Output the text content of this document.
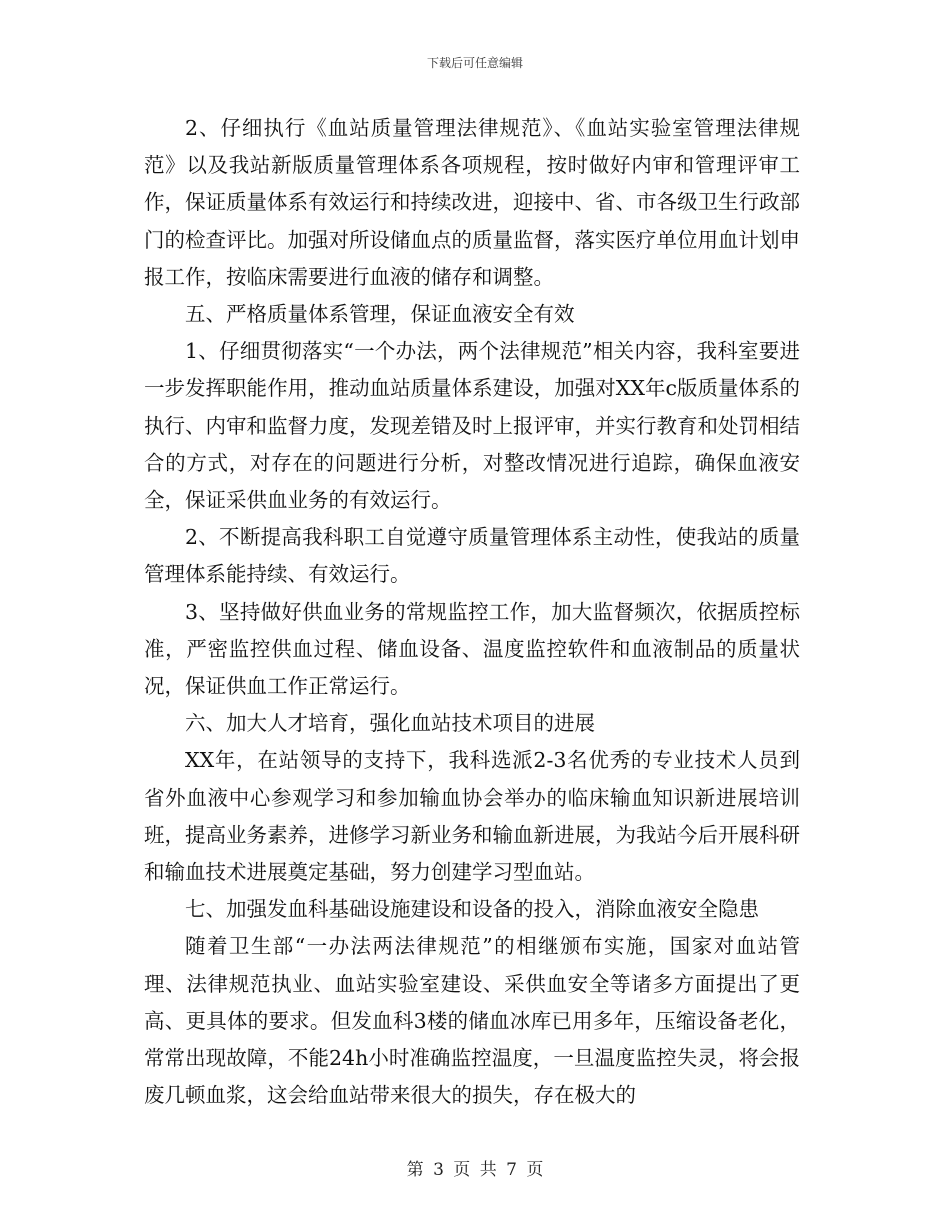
下载后可任意编辑

2、仔细执行《血站质量管理法律规范》、《血站实验室管理法律规范》以及我站新版质量管理体系各项规程，按时做好内审和管理评审工作，保证质量体系有效运行和持续改进，迎接中、省、市各级卫生行政部门的检查评比。加强对所设储血点的质量监督，落实医疗单位用血计划申报工作，按临床需要进行血液的储存和调整。

五、严格质量体系管理，保证血液安全有效

1、仔细贯彻落实“一个办法，两个法律规范”相关内容，我科室要进一步发挥职能作用，推动血站质量体系建设，加强对XX年c版质量体系的执行、内审和监督力度，发现差错及时上报评审，并实行教育和处罚相结合的方式，对存在的问题进行分析，对整改情况进行追踪，确保血液安全，保证采供血业务的有效运行。

2、不断提高我科职工自觉遵守质量管理体系主动性，使我站的质量管理体系能持续、有效运行。

3、坚持做好供血业务的常规监控工作，加大监督频次，依据质控标准，严密监控供血过程、储血设备、温度监控软件和血液制品的质量状况，保证供血工作正常运行。

六、加大人才培育，强化血站技术项目的进展

XX年，在站领导的支持下，我科选派2-3名优秀的专业技术人员到省外血液中心参观学习和参加输血协会举办的临床输血知识新进展培训班，提高业务素养，进修学习新业务和输血新进展，为我站今后开展科研和输血技术进展奠定基础，努力创建学习型血站。

七、加强发血科基础设施建设和设备的投入，消除血液安全隐患

随着卫生部“一办法两法律规范”的相继颁布实施，国家对血站管理、法律规范执业、血站实验室建设、采供血安全等诸多方面提出了更高、更具体的要求。但发血科3楼的储血冰库已用多年，压缩设备老化，常常出现故障，不能24h小时准确监控温度，一旦温度监控失灵，将会报废几顿血浆，这会给血站带来很大的损失，存在极大的

第 3 页 共 7 页
